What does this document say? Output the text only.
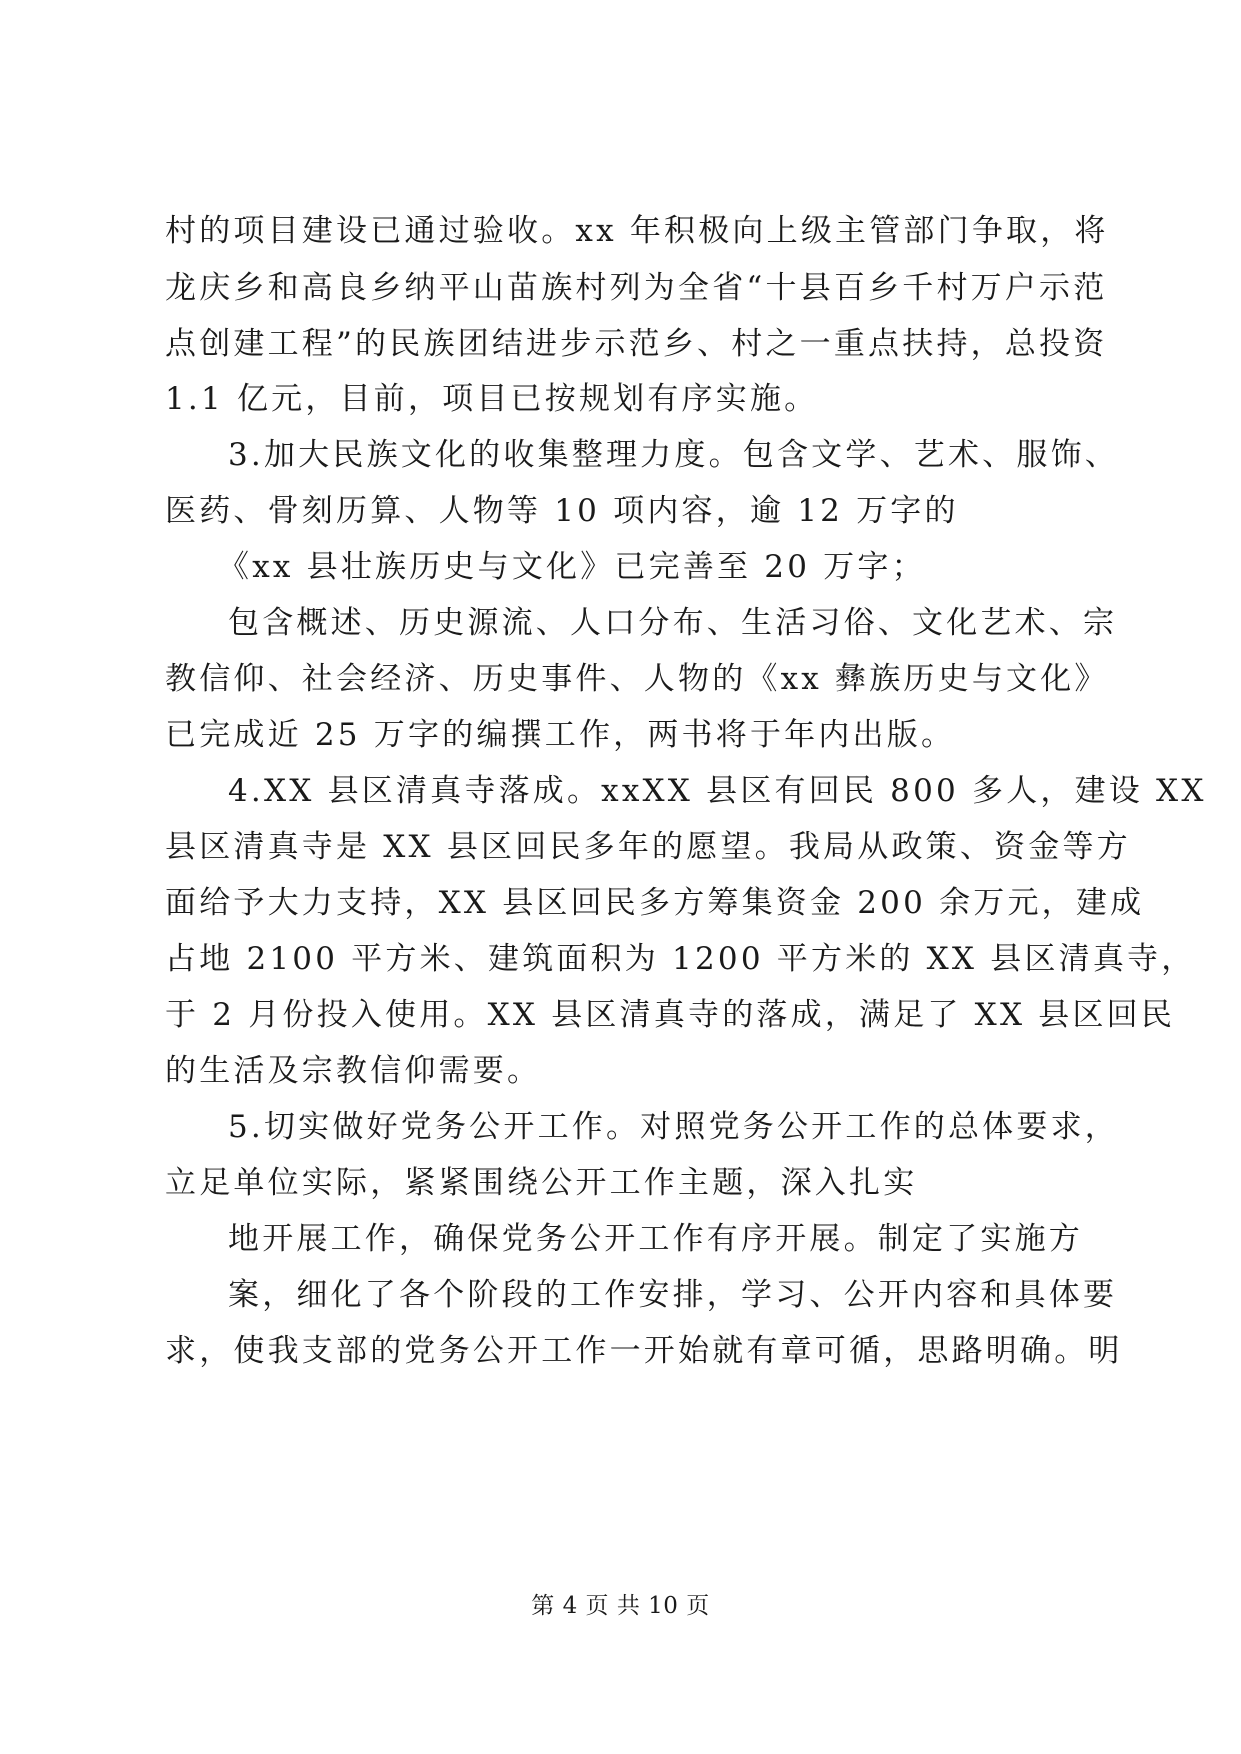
村的项目建设已通过验收。xx 年积极向上级主管部门争取，将
龙庆乡和高良乡纳平山苗族村列为全省“十县百乡千村万户示范
点创建工程”的民族团结进步示范乡、村之一重点扶持，总投资
1.1 亿元，目前，项目已按规划有序实施。
3.加大民族文化的收集整理力度。包含文学、艺术、服饰、
医药、骨刻历算、人物等 10 项内容，逾 12 万字的
《xx 县壮族历史与文化》已完善至 20 万字；
包含概述、历史源流、人口分布、生活习俗、文化艺术、宗
教信仰、社会经济、历史事件、人物的《xx 彝族历史与文化》
已完成近 25 万字的编撰工作，两书将于年内出版。
4.XX 县区清真寺落成。xxXX 县区有回民 800 多人，建设 XX
县区清真寺是 XX 县区回民多年的愿望。我局从政策、资金等方
面给予大力支持，XX 县区回民多方筹集资金 200 余万元，建成
占地 2100 平方米、建筑面积为 1200 平方米的 XX 县区清真寺，
于 2 月份投入使用。XX 县区清真寺的落成，满足了 XX 县区回民
的生活及宗教信仰需要。
5.切实做好党务公开工作。对照党务公开工作的总体要求，
立足单位实际，紧紧围绕公开工作主题，深入扎实
地开展工作，确保党务公开工作有序开展。制定了实施方
案，细化了各个阶段的工作安排，学习、公开内容和具体要
求，使我支部的党务公开工作一开始就有章可循，思路明确。明
第 4 页 共 10 页
